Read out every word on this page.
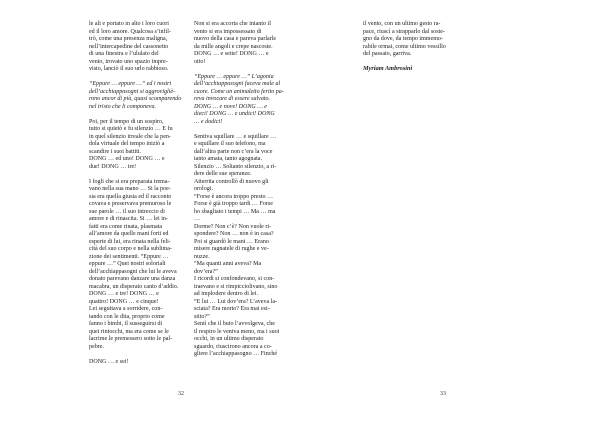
le ali e portato in alto i loro cuori
ed il loro amore. Qualcosa s’infil-
trò, come una presenza maligna,
nell’intercapedine del cassonetto
di una finestra e l’ululato del
vento, trovato uno spazio impre-
visto, lanciò il suo urlo rabbioso.

“Eppure … eppure …” ed i nostri
dell’acchiappasogni si aggrovigliè-
rono ancor di più, quasi scomparendo
nel tristo che li componeva.

Poi, per il tempo di un sospiro,
tutto si quietò e fu silenzio … E fu
in quel silenzio irreale che la pen-
dola virtuale del tempo iniziò a
scandire i suoi battiti.
DONG … ed uno! DONG … e
due! DONG … tre!

I fogli che si era preparata trema-
vano nella sua mano … Si la poe-
sia era quella giusta ed il racconto
covava e preservava premuroso le
sue parole … il suo intreccio di
amore e di rinascita. Si … lei in-
fatti era come rinata, plasmata
all’amore da quelle mani forti ed
esperte di lui, era rinata nella feli-
cità del suo corpo e nella sublima-
zione dei sentimenti. “Eppure …
eppure …” Quei nostri soloriali
dell’acchiappasogni che lui le aveva
donato parevano danzare una danza
macabra, un disperato canto d’addio.
DONG … e tre! DONG … e
quattro! DONG … e cinque!
Lei seguitava a sorridere, con-
tando con le dita, proprio come
fanno i bimbi, il susseguirsi di
quei rintocchi, ma era come se le
lacrime le premessero sotto le pal-
pebre.

DONG … e sei!

Non si era accorta che intanto il
vento si era impossessato di
nuovo della casa e pareva parlarle
da mille angoli e crepe nascoste.
DONG … e sette! DONG … e
otto!

“Eppure … eppure …” L’agonia
dell’acchiappasogni faceva male al
cuore. Come un animaletto ferito pa-
reva invocare di essere salvato.
DONG … e nove! DONG … e
dieci! DONG … e undici! DONG
… e dodici!

Sentiva squillare … e squillare …
e squillare il suo telefono, ma
dall’altra parte non c’era la voce
tanto amata, tanto agognata.
Silenzio … Soltanto silenzio, a ri-
dere delle sue speranze.
Atterrita controllò di nuovo gli
orologi.
“Forse è ancora troppo presto …
Forse è già troppo tardi … Forse
ho sbagliato i tempi … Ma … ma
…
Dorme? Non c’è? Non vuole ri-
spondere? Non … non è in casa?
Poi si guardò le mani … Erano
misere ragnatele di rughe e ve-
nuzze.
“Ma quanti anni aveva? Ma
dov’era?”
I ricordi si confondevano, si con-
traevano e si rimpicciolivano, sino
ad implodere dentro di lei.
“E lui … Lui dov’era? L’aveva la-
sciata? Era morto? Era mai esi-
stito?”
Sentì che il buio l’avvolgeva, che
il respiro le veniva meno, ma i suoi
occhi, in un ultimo disperato
sguardo, riuscirono ancora a co-
gliere l’acchiappasogno … Finché

il vento, con un ultimo gesto ra-
pace, riuscì a strapparlo dal soste-
gno da dove, da tempo immemo-
rabile ormai, come ultimo vessillo
del passato, garriva.

Myriam Ambrosini
32	33
